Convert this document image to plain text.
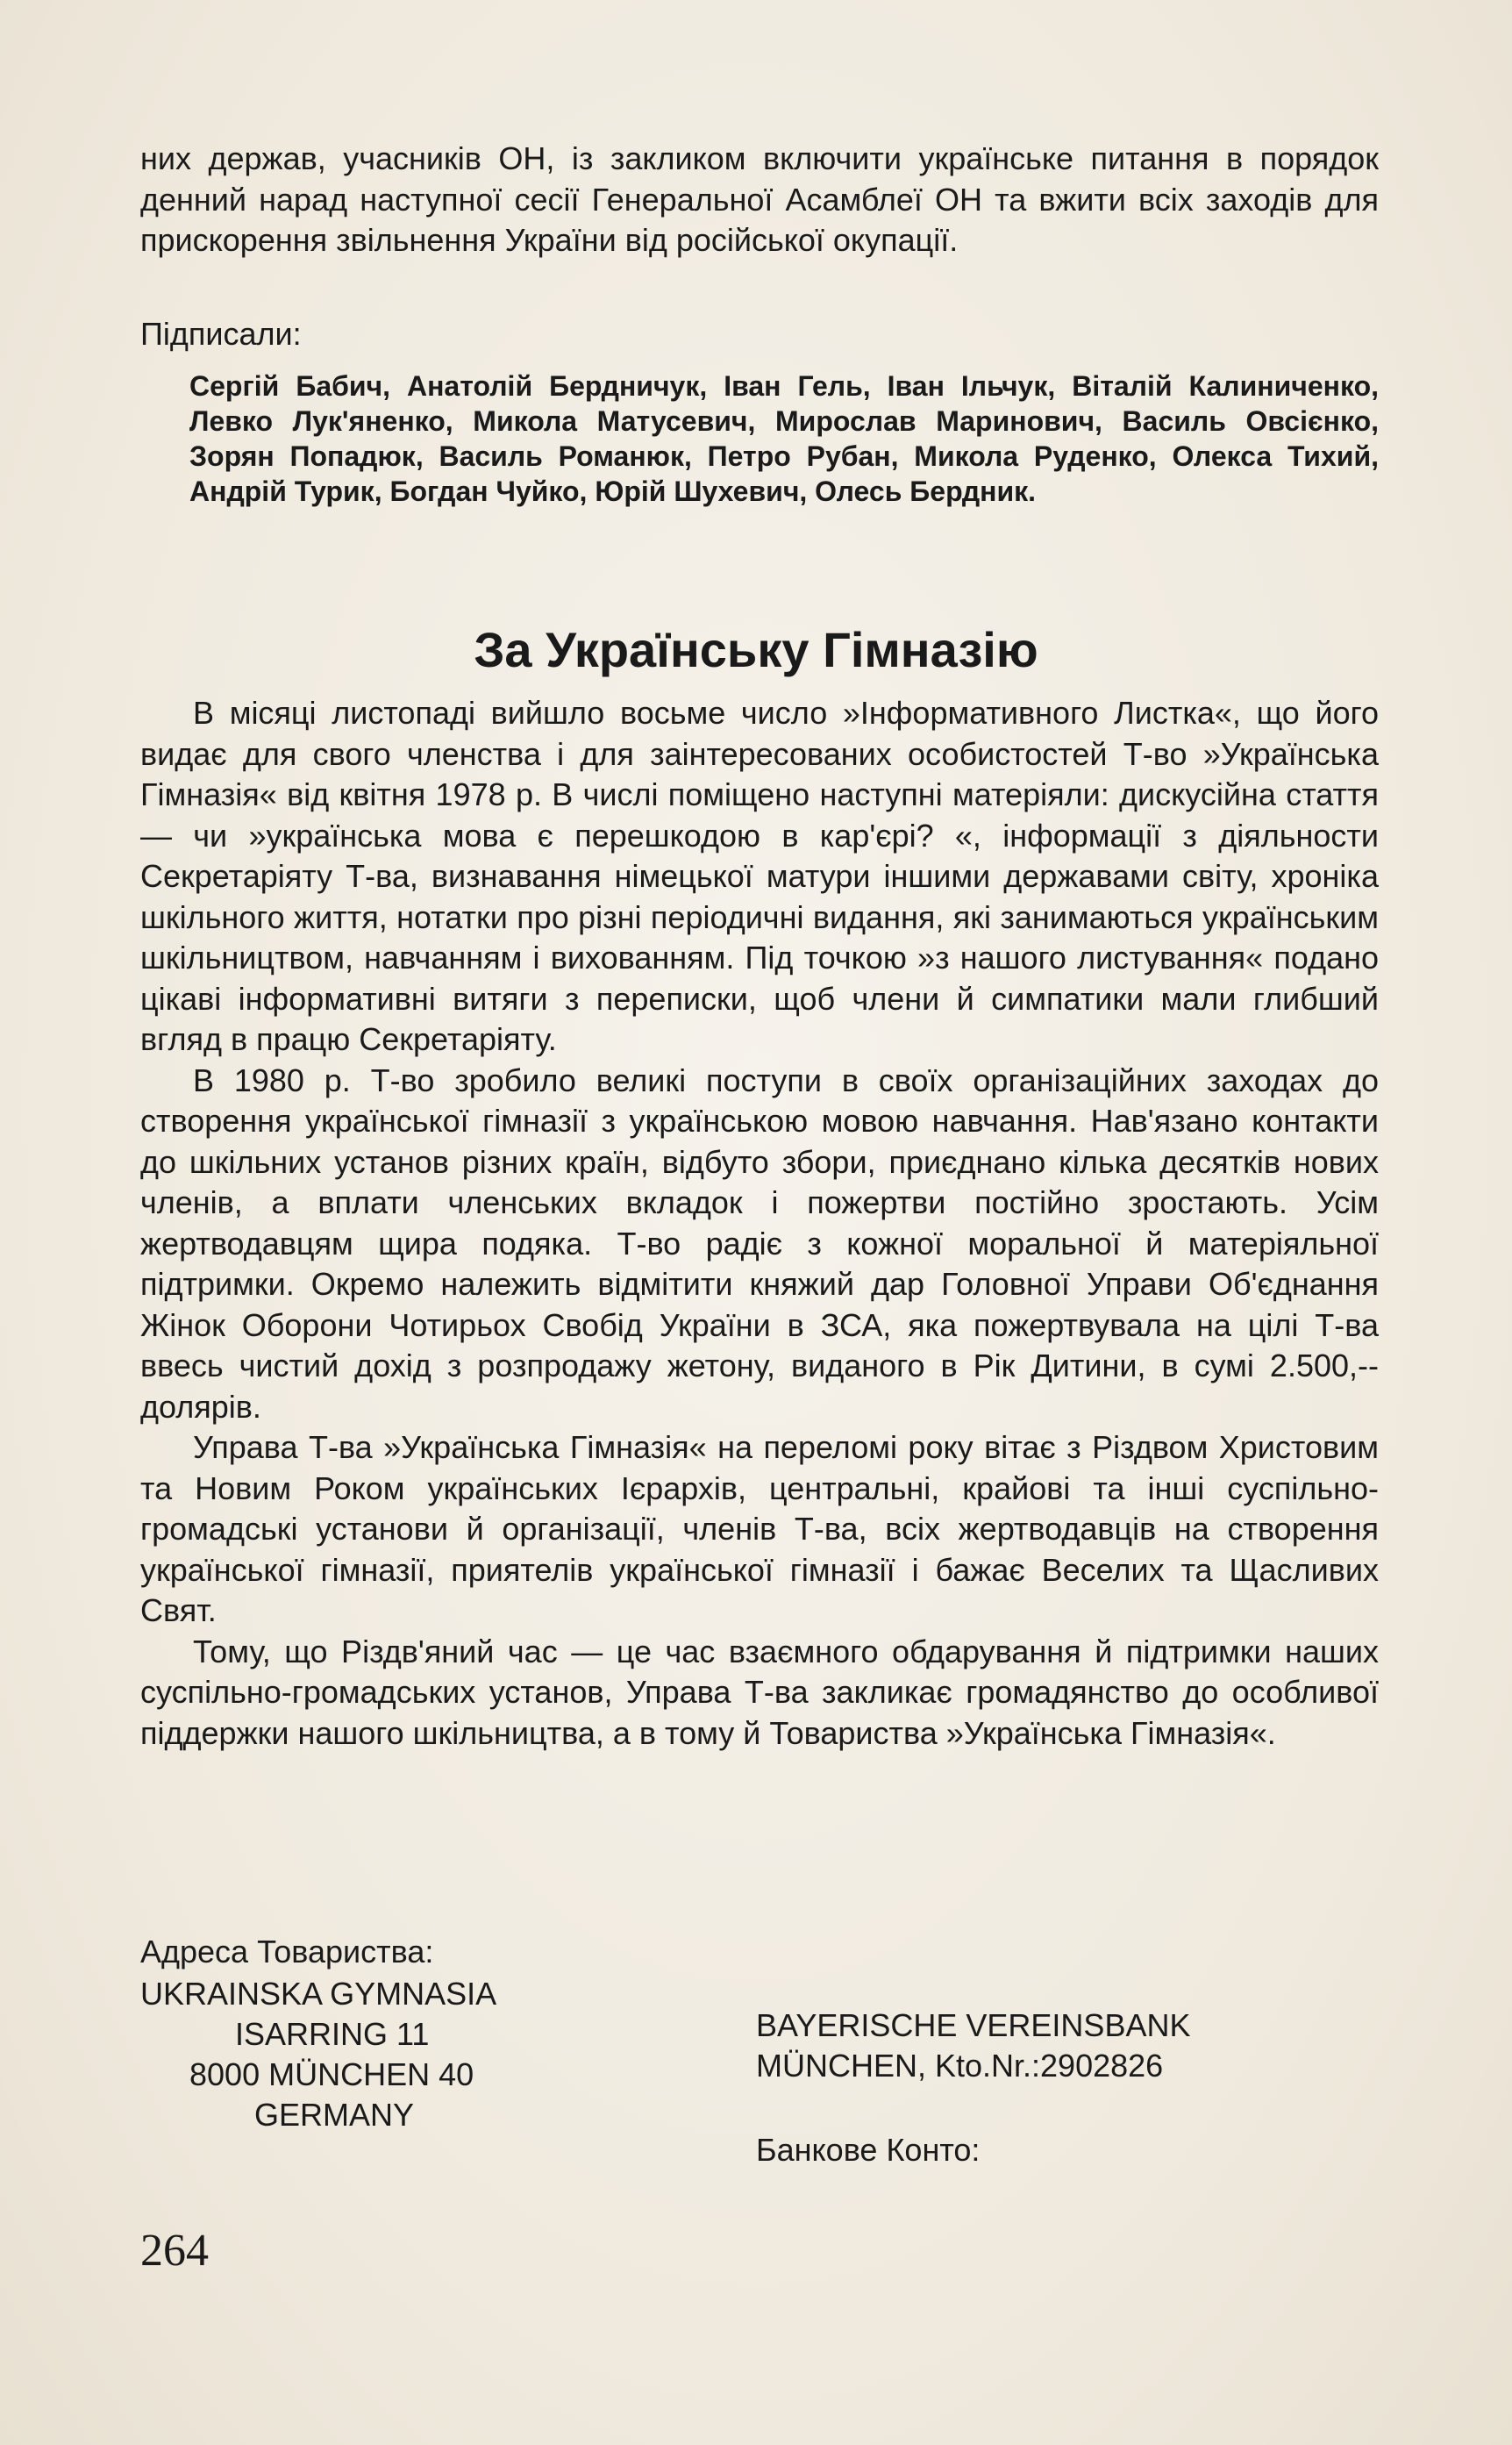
них держав, учасників ОН, із закликом включити українське питання в порядок денний нарад наступної сесії Генеральної Асамблеї ОН та вжити всіх заходів для прискорення звільнення України від російської окупації.

Підписали:
Сергій Бабич, Анатолій Бердничук, Іван Гель, Іван Ільчук, Віталій Калиниченко, Левко Лук'яненко, Микола Матусевич, Мирослав Маринович, Василь Овсієнко, Зорян Попадюк, Василь Романюк, Петро Рубан, Микола Руденко, Олекса Тихий, Андрій Турик, Богдан Чуйко, Юрій Шухевич, Олесь Бердник.
За Українську Гімназію

В місяці листопаді вийшло восьме число »Інформативного Листка«, що його видає для свого членства і для заінтересованих особистостей Т-во »Українська Гімназія« від квітня 1978 р. В числі поміщено наступні матеріяли: дискусійна стаття — чи »українська мова є перешкодою в кар'єрі? «, інформації з діяльности Секретаріяту Т-ва, визнавання німецької матури іншими державами світу, хроніка шкільного життя, нотатки про різні періодичні видання, які занимаються українським шкільництвом, навчанням і вихованням. Під точкою »з нашого листування« подано цікаві інформативні витяги з переписки, щоб члени й симпатики мали глибший вгляд в працю Секретаріяту.

В 1980 р. Т-во зробило великі поступи в своїх організаційних заходах до створення української гімназії з українською мовою навчання. Нав'язано контакти до шкільних установ різних країн, відбуто збори, приєднано кілька десятків нових членів, а вплати членських вкладок і пожертви постійно зростають. Усім жертводавцям щира подяка. Т-во радіє з кожної моральної й матеріяльної підтримки. Окремо належить відмітити княжий дар Головної Управи Об'єднання Жінок Оборони Чотирьох Свобід України в ЗСА, яка пожертвувала на цілі Т-ва ввесь чистий дохід з розпродажу жетону, виданого в Рік Дитини, в сумі 2.500,-- долярів.

Управа Т-ва »Українська Гімназія« на переломі року вітає з Різдвом Христовим та Новим Роком українських Ієрархів, центральні, крайові та інші суспільно-громадські установи й організації, членів Т-ва, всіх жертводавців на створення української гімназії, приятелів української гімназії і бажає Веселих та Щасливих Свят.

Тому, що Різдв'яний час — це час взаємного обдарування й підтримки наших суспільно-громадських установ, Управа Т-ва закликає громадянство до особливої піддержки нашого шкільництва, а в тому й Товариства »Українська Гімназія«.

Адреса Товариства:
UKRAINSKA GYMNASIA
ISARRING 11
8000 MÜNCHEN 40
GERMANY
BAYERISCHE VEREINSBANK
MÜNCHEN, Kto.Nr.:2902826
Банкове Конто:
264
